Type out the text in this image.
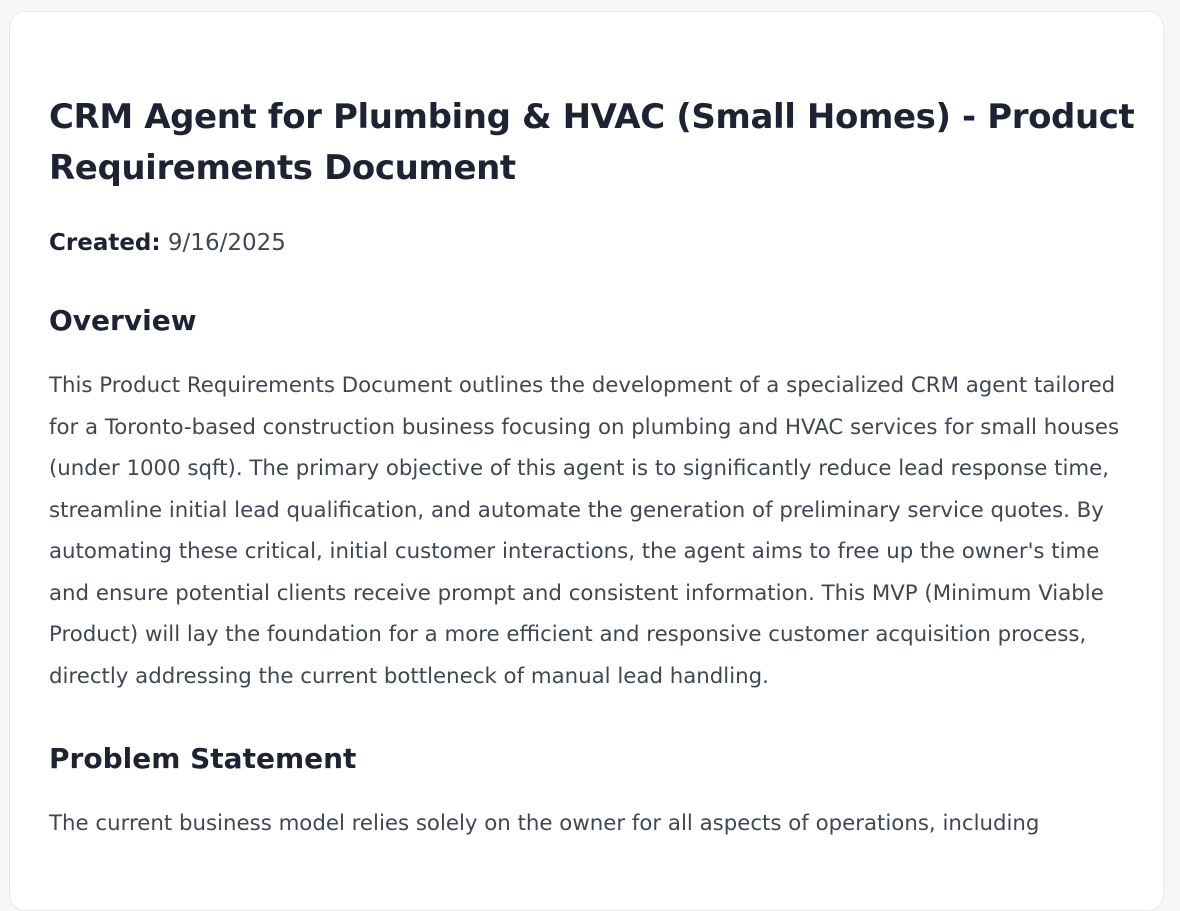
CRM Agent for Plumbing & HVAC (Small Homes) - Product Requirements Document
Created: 9/16/2025
Overview

This Product Requirements Document outlines the development of a specialized CRM agent tailored for a Toronto-based construction business focusing on plumbing and HVAC services for small houses (under 1000 sqft). The primary objective of this agent is to significantly reduce lead response time, streamline initial lead qualification, and automate the generation of preliminary service quotes. By automating these critical, initial customer interactions, the agent aims to free up the owner's time and ensure potential clients receive prompt and consistent information. This MVP (Minimum Viable Product) will lay the foundation for a more efficient and responsive customer acquisition process, directly addressing the current bottleneck of manual lead handling.

Problem Statement

The current business model relies solely on the owner for all aspects of operations, including
